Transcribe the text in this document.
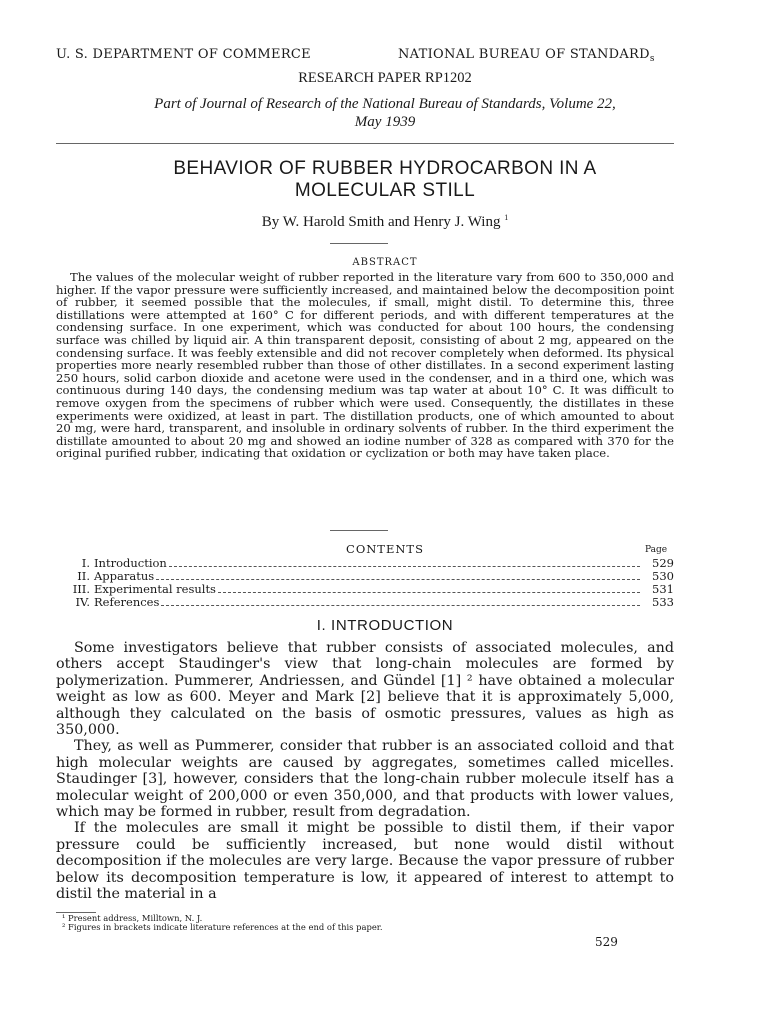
U. S. DEPARTMENT OF COMMERCE	NATIONAL BUREAU OF $STANDARD_s$
RESEARCH PAPER RP1202
Part of Journal of Research of the National Bureau of Standards, Volume 22,
May 1939
BEHAVIOR OF RUBBER HYDROCARBON IN A
MOLECULAR STILL
By W. Harold Smith and Henry J. Wing $^1$
ABSTRACT
The values of the molecular weight of rubber reported in the literature vary from 600 to 350,000 and higher. If the vapor pressure were sufficiently increased, and maintained below the decomposition point of rubber, it seemed possible that the molecules, if small, might distil. To determine this, three distillations were attempted at 160° C for different periods, and with different temperatures at the condensing surface. In one experiment, which was conducted for about 100 hours, the condensing surface was chilled by liquid air. A thin transparent deposit, consisting of about 2 mg, appeared on the condensing surface. It was feebly extensible and did not recover completely when deformed. Its physical properties more nearly resembled rubber than those of other distillates. In a second experiment lasting 250 hours, solid carbon dioxide and acetone were used in the condenser, and in a third one, which was continuous during 140 days, the condensing medium was tap water at about 10° C. It was difficult to remove oxygen from the specimens of rubber which were used. Consequently, the distillates in these experiments were oxidized, at least in part. The distillation products, one of which amounted to about 20 mg, were hard, transparent, and insoluble in ordinary solvents of rubber. In the third experiment the distillate amounted to about 20 mg and showed an iodine number of 328 as compared with 370 for the original purified rubber, indicating that oxidation or cyclization or both may have taken place.
CONTENTS	Page
I. Introduction	529
II. Apparatus	530
III. Experimental results	531
IV. References	533
I. INTRODUCTION

Some investigators believe that rubber consists of associated molecules, and others accept Staudinger's view that long-chain molecules are formed by polymerization. Pummerer, Andriessen, and Gündel [1] ² have obtained a molecular weight as low as 600. Meyer and Mark [2] believe that it is approximately 5,000, although they calculated on the basis of osmotic pressures, values as high as 350,000.

They, as well as Pummerer, consider that rubber is an associated colloid and that high molecular weights are caused by aggregates, sometimes called micelles. Staudinger [3], however, considers that the long-chain rubber molecule itself has a molecular weight of 200,000 or even 350,000, and that products with lower values, which may be formed in rubber, result from degradation.

If the molecules are small it might be possible to distil them, if their vapor pressure could be sufficiently increased, but none would distil without decomposition if the molecules are very large. Because the vapor pressure of rubber below its decomposition temperature is low, it appeared of interest to attempt to distil the material in a

¹ Present address, Milltown, N. J.
² Figures in brackets indicate literature references at the end of this paper.
529
